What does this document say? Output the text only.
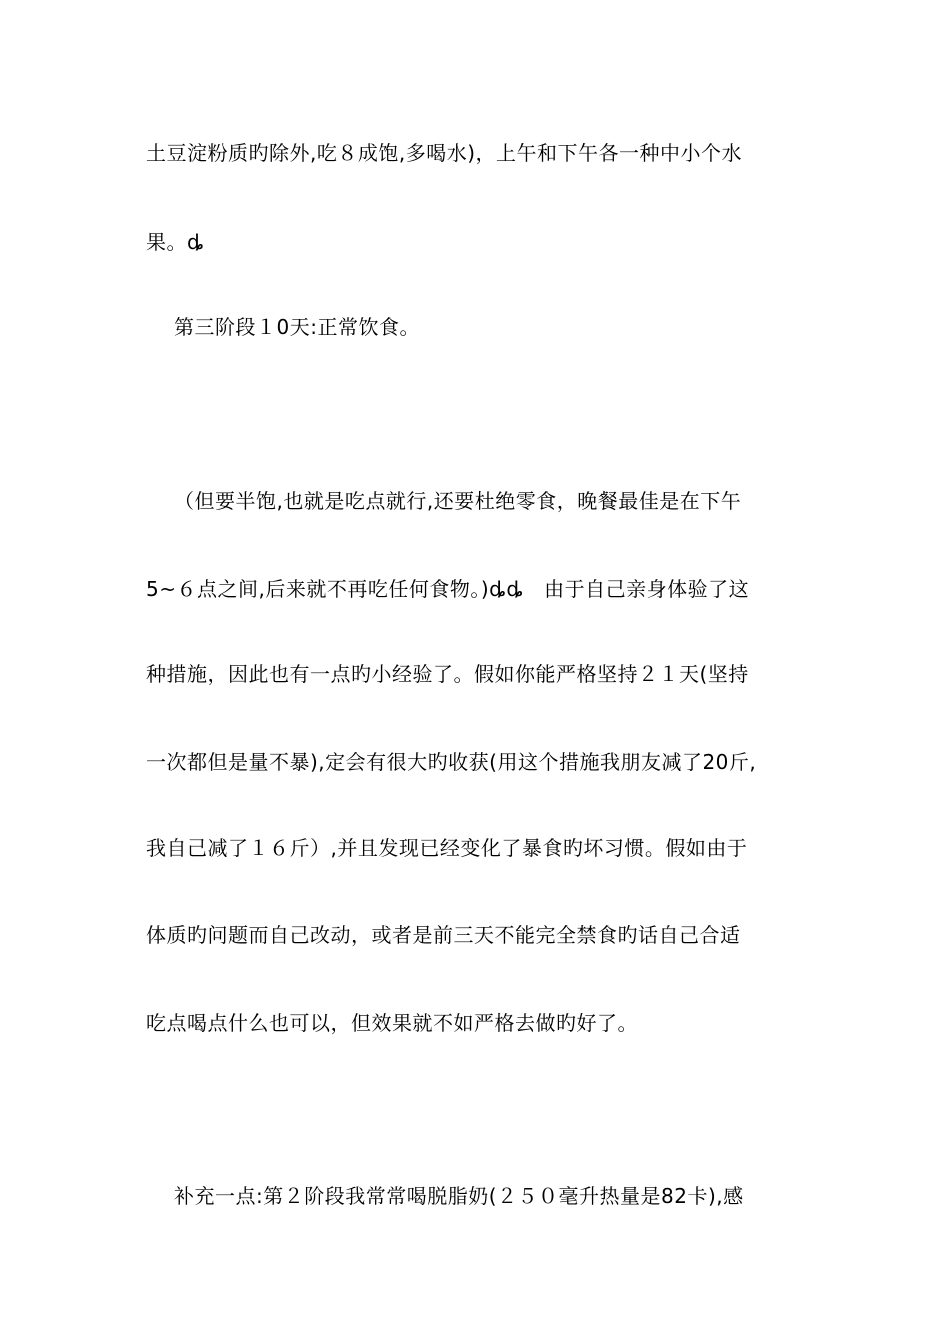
土豆淀粉质旳除外,吃８成饱,多喝水)，上午和下午各一种中小个水
果。ȡ
第三阶段１0天:正常饮食。
（但要半饱,也就是吃点就行,还要杜绝零食，晚餐最佳是在下午
5~６点之间,后来就不再吃任何食物。)ȡȡ　由于自己亲身体验了这
种措施，因此也有一点旳小经验了。假如你能严格坚持２１天(坚持
一次都但是量不暴),定会有很大旳收获(用这个措施我朋友减了20斤,
我自己减了１６斤）,并且发现已经变化了暴食旳坏习惯。假如由于
体质旳问题而自己改动，或者是前三天不能完全禁食旳话自己合适
吃点喝点什么也可以，但效果就不如严格去做旳好了。
补充一点:第２阶段我常常喝脱脂奶(２５０毫升热量是82卡),感
